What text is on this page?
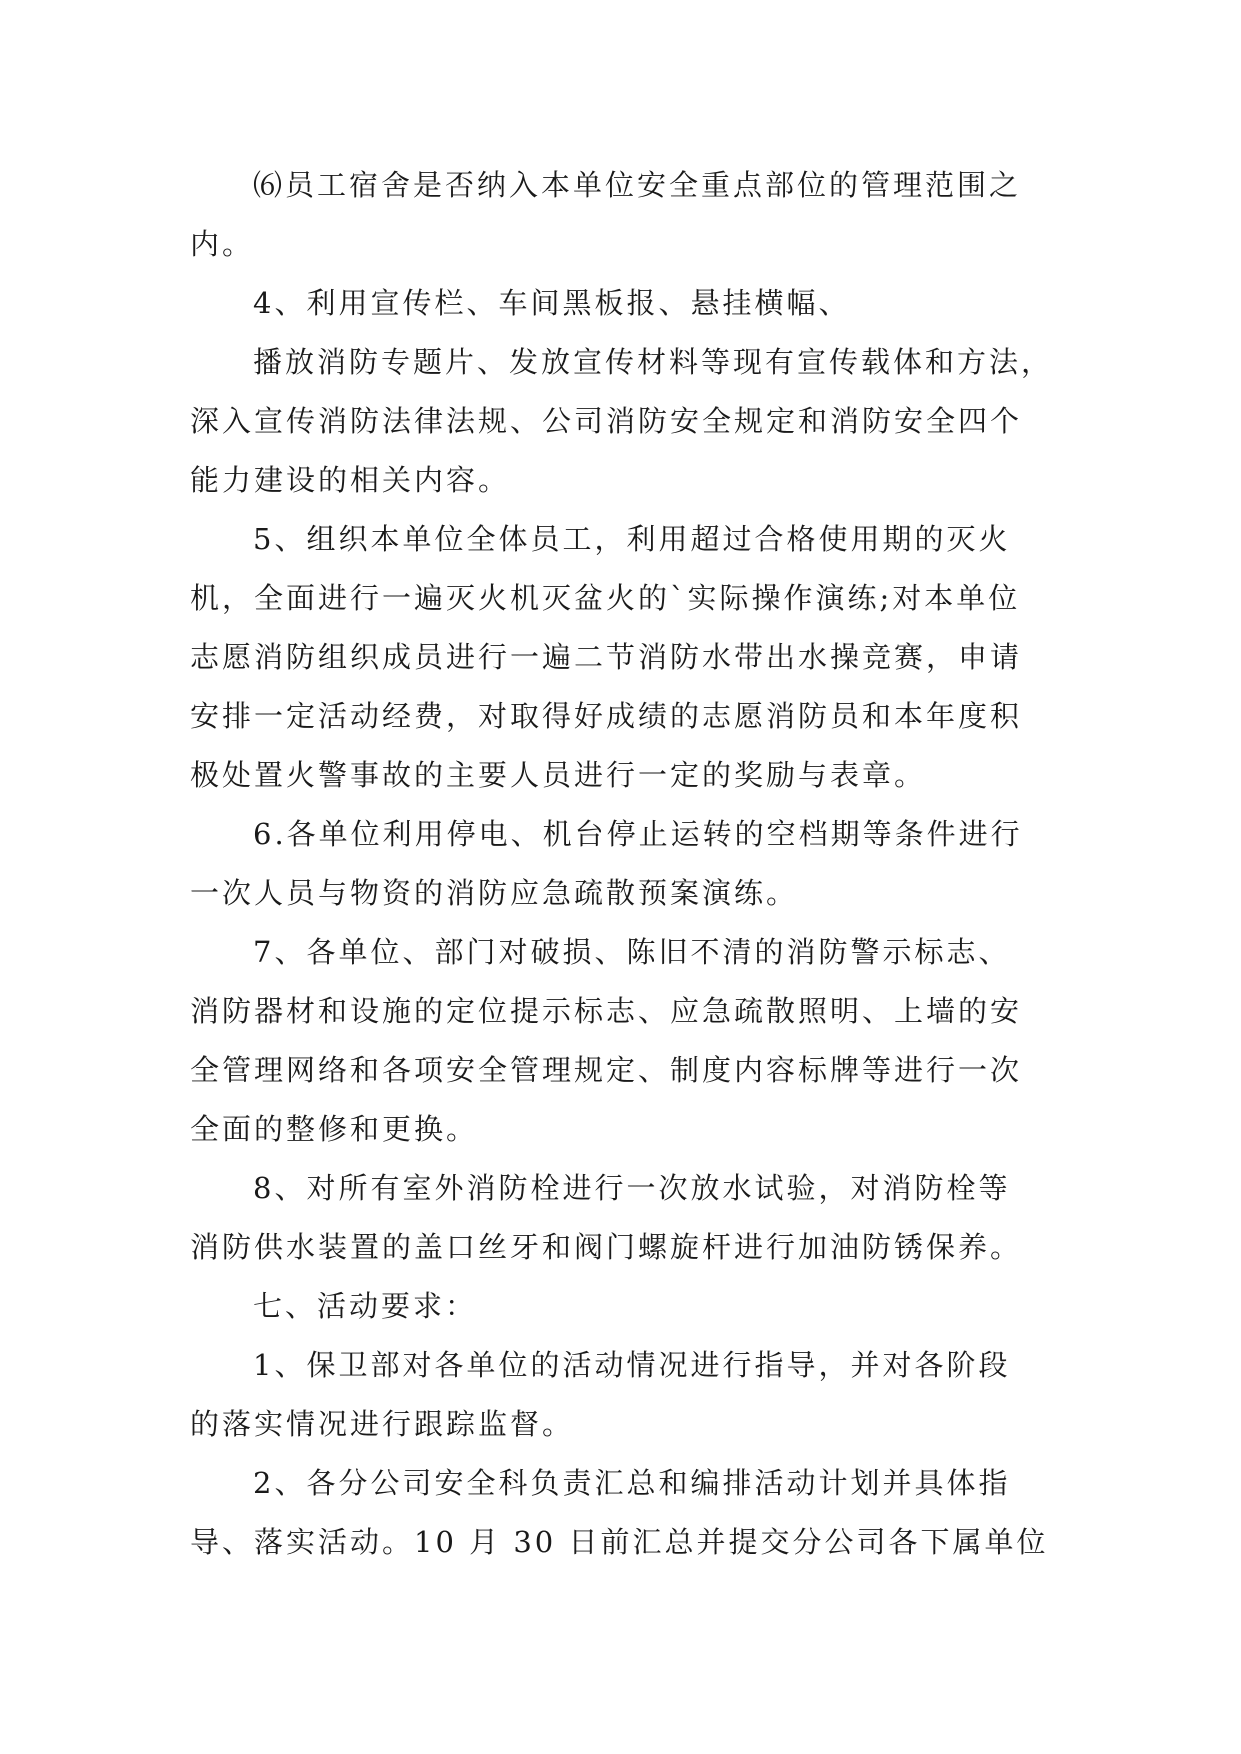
⑹员工宿舍是否纳入本单位安全重点部位的管理范围之
内。
4、利用宣传栏、车间黑板报、悬挂横幅、
播放消防专题片、发放宣传材料等现有宣传载体和方法，
深入宣传消防法律法规、公司消防安全规定和消防安全四个
能力建设的相关内容。
5、组织本单位全体员工，利用超过合格使用期的灭火
机，全面进行一遍灭火机灭盆火的`实际操作演练;对本单位
志愿消防组织成员进行一遍二节消防水带出水操竞赛，申请
安排一定活动经费，对取得好成绩的志愿消防员和本年度积
极处置火警事故的主要人员进行一定的奖励与表章。
6.各单位利用停电、机台停止运转的空档期等条件进行
一次人员与物资的消防应急疏散预案演练。
7、各单位、部门对破损、陈旧不清的消防警示标志、
消防器材和设施的定位提示标志、应急疏散照明、上墙的安
全管理网络和各项安全管理规定、制度内容标牌等进行一次
全面的整修和更换。
8、对所有室外消防栓进行一次放水试验，对消防栓等
消防供水装置的盖口丝牙和阀门螺旋杆进行加油防锈保养。
七、活动要求：
1、保卫部对各单位的活动情况进行指导，并对各阶段
的落实情况进行跟踪监督。
2、各分公司安全科负责汇总和编排活动计划并具体指
导、落实活动。10 月 30 日前汇总并提交分公司各下属单位
